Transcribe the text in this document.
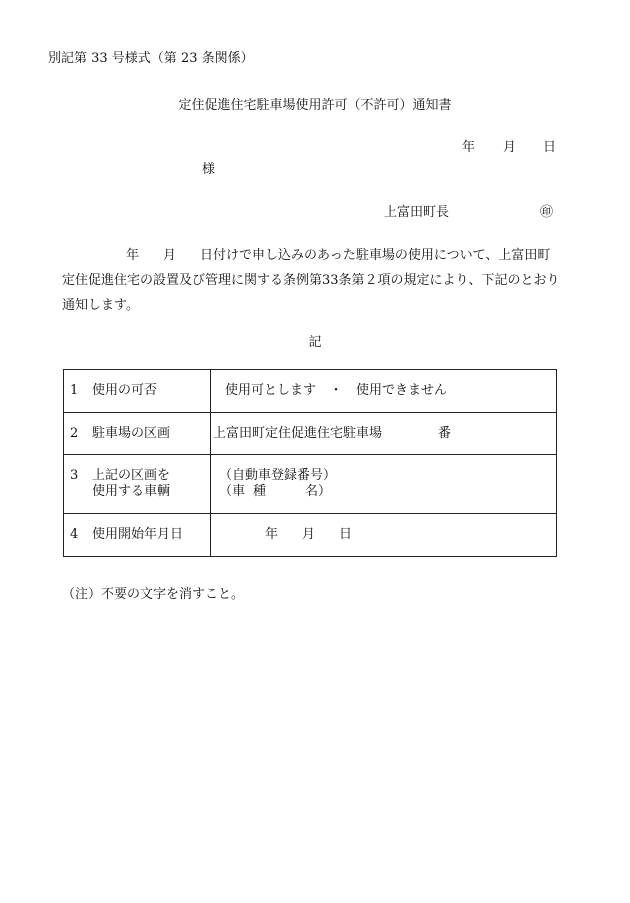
別記第 33 号様式（第 23 条関係）
定住促進住宅駐車場使用許可（不許可）通知書
年 月 日
様
上富田町長	㊞
年 月 日付けで申し込みのあった駐車場の使用について、上富田町
定住促進住宅の設置及び管理に関する条例第33条第２項の規定により、下記のとおり
通知します。
記
1 使用の可否	使用可とします ・ 使用できません
2 駐車場の区画	上富田町定住促進住宅駐車場 番
3 上記の区画を
使用する車輌	（自動車登録番号）
（車 種 名）
4 使用開始年月日	年 月 日
（注）不要の文字を消すこと。
